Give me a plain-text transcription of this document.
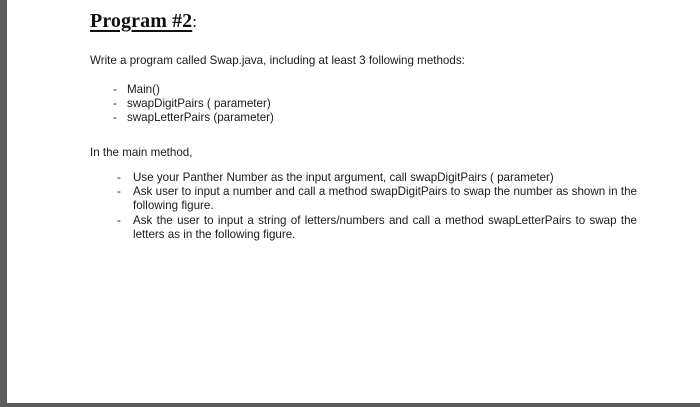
Program #2:
Write a program called Swap.java, including at least 3 following methods:
- Main()
- swapDigitPairs ( parameter)
- swapLetterPairs (parameter)
In the main method,
- Use your Panther Number as the input argument, call swapDigitPairs ( parameter)
- Ask user to input a number and call a method swapDigitPairs to swap the number as shown in the following figure.
- Ask the user to input a string of letters/numbers and call a method swapLetterPairs to swap the letters as in the following figure.
